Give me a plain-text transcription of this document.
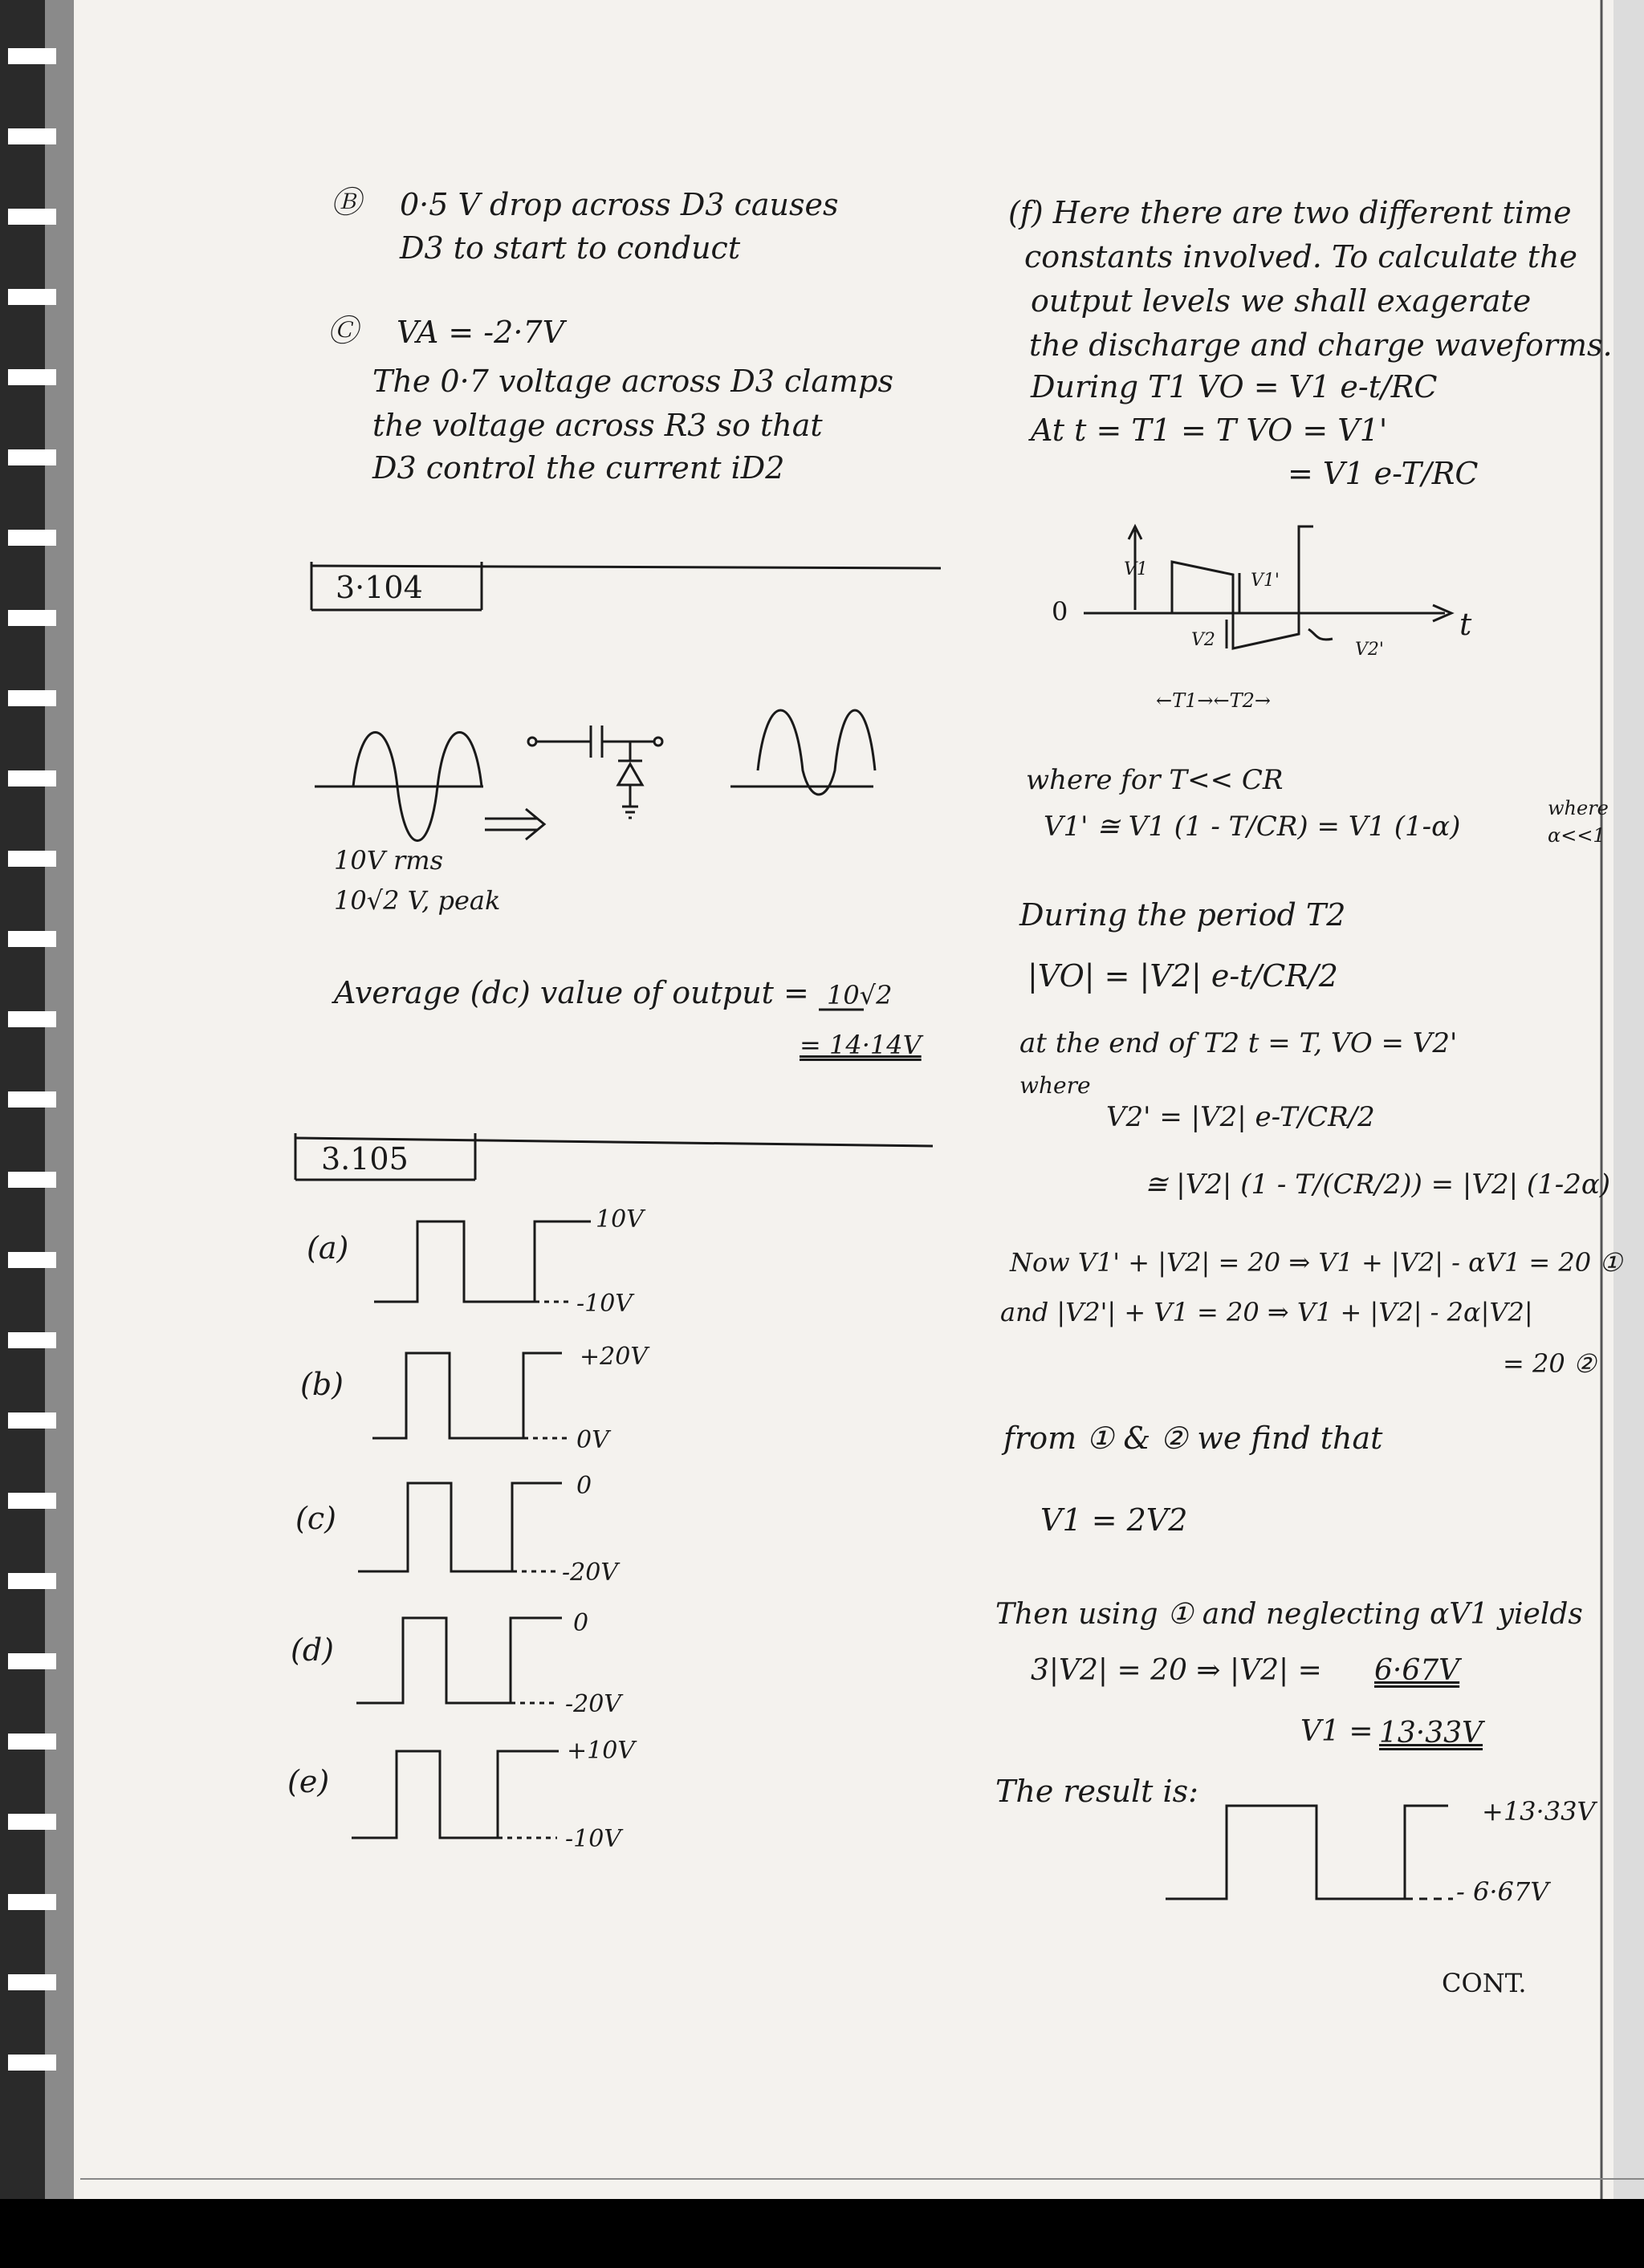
Ⓑ 0·5 V drop across D3 causes
D3 to start to conduct
Ⓒ VA = -2·7V
The 0·7 voltage across D3 clamps
the voltage across R3 so that
D3 control the current iD2
3·104
10V rms
10√2 V, peak
Average (dc) value of output = 10√2
= 14·14V
3.105
(a)
10V
-10V
(b)
+20V
0V
(c)
0
-20V
(d)
0
-20V
(e)
+10V
-10V
(f) Here there are two different time
constants involved. To calculate the
output levels we shall exagerate
the discharge and charge waveforms.
During T1 VO = V1 e-t/RC
At t = T1 = T VO = V1'
= V1 e-T/RC
0	t
V1
V1'
V2	V2'
←T1→←T2→
where for T<< CR
V1' ≅ V1 (1 - T/CR) = V1 (1-α)
where
α<<1
During the period T2
|VO| = |V2| e-t/CR/2
at the end of T2 t = T, VO = V2'
where
V2' = |V2| e-T/CR/2
≅ |V2| (1 - T/(CR/2)) = |V2| (1-2α)
Now V1' + |V2| = 20 ⇒ V1 + |V2| - αV1 = 20 ①
and |V2'| + V1 = 20 ⇒ V1 + |V2| - 2α|V2|
= 20 ②
from ① & ② we find that
V1 = 2V2
Then using ① and neglecting αV1 yields
3|V2| = 20 ⇒ |V2| = 6·67V
V1 = 13·33V
The result is:
+13·33V
- 6·67V
CONT.
